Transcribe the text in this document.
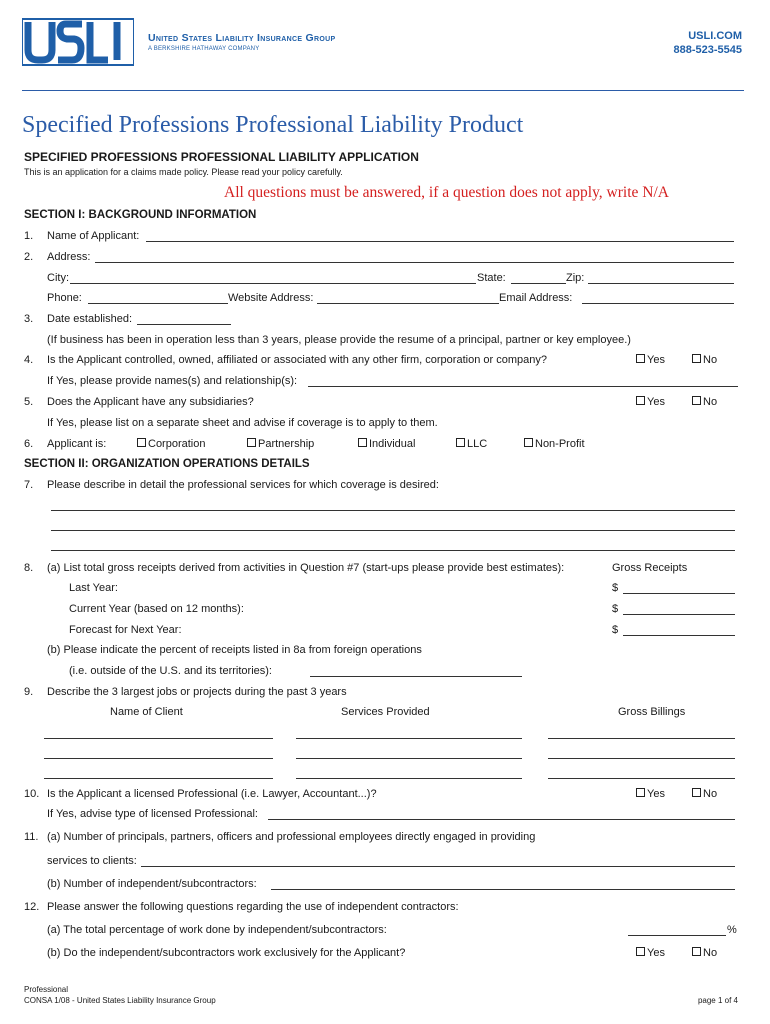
United States Liability Insurance Group
A BERKSHIRE HATHAWAY COMPANY
USLI.COM
888-523-5545
Specified Professions Professional Liability Product
SPECIFIED PROFESSIONS PROFESSIONAL LIABILITY APPLICATION
This is an application for a claims made policy. Please read your policy carefully.
All questions must be answered, if a question does not apply, write N/A
SECTION I: BACKGROUND INFORMATION
1. Name of Applicant:
2. Address:
City:	State:	Zip:
Phone:	Website Address:	Email Address:
3. Date established:
(If business has been in operation less than 3 years, please provide the resume of a principal, partner or key employee.)
4. Is the Applicant controlled, owned, affiliated or associated with any other firm, corporation or company?	Yes	No
If Yes, please provide names(s) and relationship(s):
5. Does the Applicant have any subsidiaries?	Yes	No
If Yes, please list on a separate sheet and advise if coverage is to apply to them.
6. Applicant is:	Corporation	Partnership	Individual	LLC	Non-Profit
SECTION II: ORGANIZATION OPERATIONS DETAILS
7. Please describe in detail the professional services for which coverage is desired:
8. (a) List total gross receipts derived from activities in Question #7 (start-ups please provide best estimates):	Gross Receipts
Last Year:	$
Current Year (based on 12 months):	$
Forecast for Next Year:	$
(b) Please indicate the percent of receipts listed in 8a from foreign operations
(i.e. outside of the U.S. and its territories):
9. Describe the 3 largest jobs or projects during the past 3 years
Name of Client	Services Provided	Gross Billings
10. Is the Applicant a licensed Professional (i.e. Lawyer, Accountant...)?	Yes	No
If Yes, advise type of licensed Professional:
11. (a) Number of principals, partners, officers and professional employees directly engaged in providing
services to clients:
(b) Number of independent/subcontractors:
12. Please answer the following questions regarding the use of independent contractors:
(a) The total percentage of work done by independent/subcontractors:	%
(b) Do the independent/subcontractors work exclusively for the Applicant?	Yes	No
Professional
CONSA 1/08 - United States Liability Insurance Group	page 1 of 4
